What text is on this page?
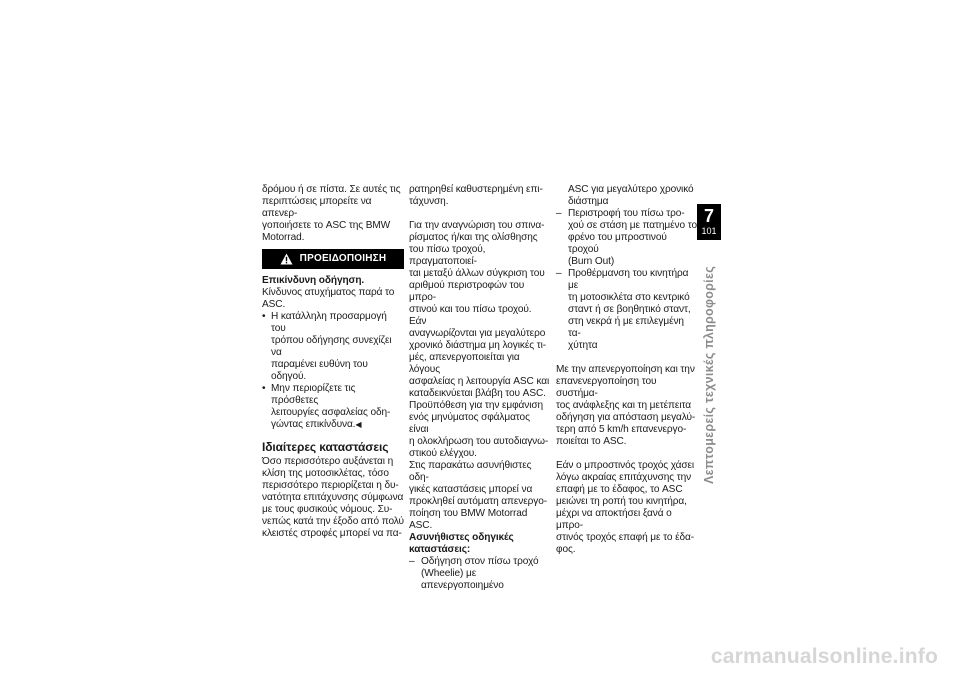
δρόμου ή σε πίστα. Σε αυτές τις

περιπτώσεις μπορείτε να απενερ-

γοποιήσετε το ASC της BMW

Motorrad.

ΠΡΟΕΙΔΟΠΟΙΗΣΗ

Επικίνδυνη οδήγηση.

Κίνδυνος ατυχήματος παρά το

ASC.

• Η κατάλληλη προσαρμογή του

τρόπου οδήγησης συνεχίζει να

παραμένει ευθύνη του οδηγού.

• Μην περιορίζετε τις πρόσθετες

λειτουργίες ασφαλείας οδη-

γώντας επικίνδυνα.◀

Ιδιαίτερες καταστάσεις

Όσο περισσότερο αυξάνεται η

κλίση της μοτοσικλέτας, τόσο

περισσότερο περιορίζεται η δυ-

νατότητα επιτάχυνσης σύμφωνα

με τους φυσικούς νόμους. Συ-

νεπώς κατά την έξοδο από πολύ

κλειστές στροφές μπορεί να πα-

ρατηρηθεί καθυστερημένη επι-

τάχυνση.

Για την αναγνώριση του σπινα-

ρίσματος ή/και της ολίσθησης

του πίσω τροχού, πραγματοποιεί-

ται μεταξύ άλλων σύγκριση του

αριθμού περιστροφών του μπρο-

στινού και του πίσω τροχού. Εάν

αναγνωρίζονται για μεγαλύτερο

χρονικό διάστημα μη λογικές τι-

μές, απενεργοποιείται για λόγους

ασφαλείας η λειτουργία ASC και

καταδεικνύεται βλάβη του ASC.

Προϋπόθεση για την εμφάνιση

ενός μηνύματος σφάλματος είναι

η ολοκλήρωση του αυτοδιαγνω-

στικού ελέγχου.

Στις παρακάτω ασυνήθιστες οδη-

γικές καταστάσεις μπορεί να

προκληθεί αυτόματη απενεργο-

ποίηση του BMW Motorrad ASC.

Ασυνήθιστες οδηγικές

καταστάσεις:

– Οδήγηση στον πίσω τροχό

(Wheelie) με απενεργοποιημένο

ASC για μεγαλύτερο χρονικό

διάστημα

– Περιστροφή του πίσω τρο-

χού σε στάση με πατημένο το

φρένο του μπροστινού τροχού

(Burn Out)

– Προθέρμανση του κινητήρα με

τη μοτοσικλέτα στο κεντρικό

σταντ ή σε βοηθητικό σταντ,

στη νεκρά ή με επιλεγμένη τα-

χύτητα

Με την απενεργοποίηση και την

επανενεργοποίηση του συστήμα-

τος ανάφλεξης και τη μετέπειτα

οδήγηση για απόσταση μεγαλύ-

τερη από 5 km/h επανενεργο-

ποιείται το ASC.

Εάν ο μπροστινός τροχός χάσει

λόγω ακραίας επιτάχυνσης την

επαφή με το έδαφος, το ASC

μειώνει τη ροπή του κινητήρα,

μέχρι να αποκτήσει ξανά ο μπρο-

στινός τροχός επαφή με το έδα-

φος.

7
101
Λεπτομερείς τεχνικές πληροφορίες
carmanualsonline.info
